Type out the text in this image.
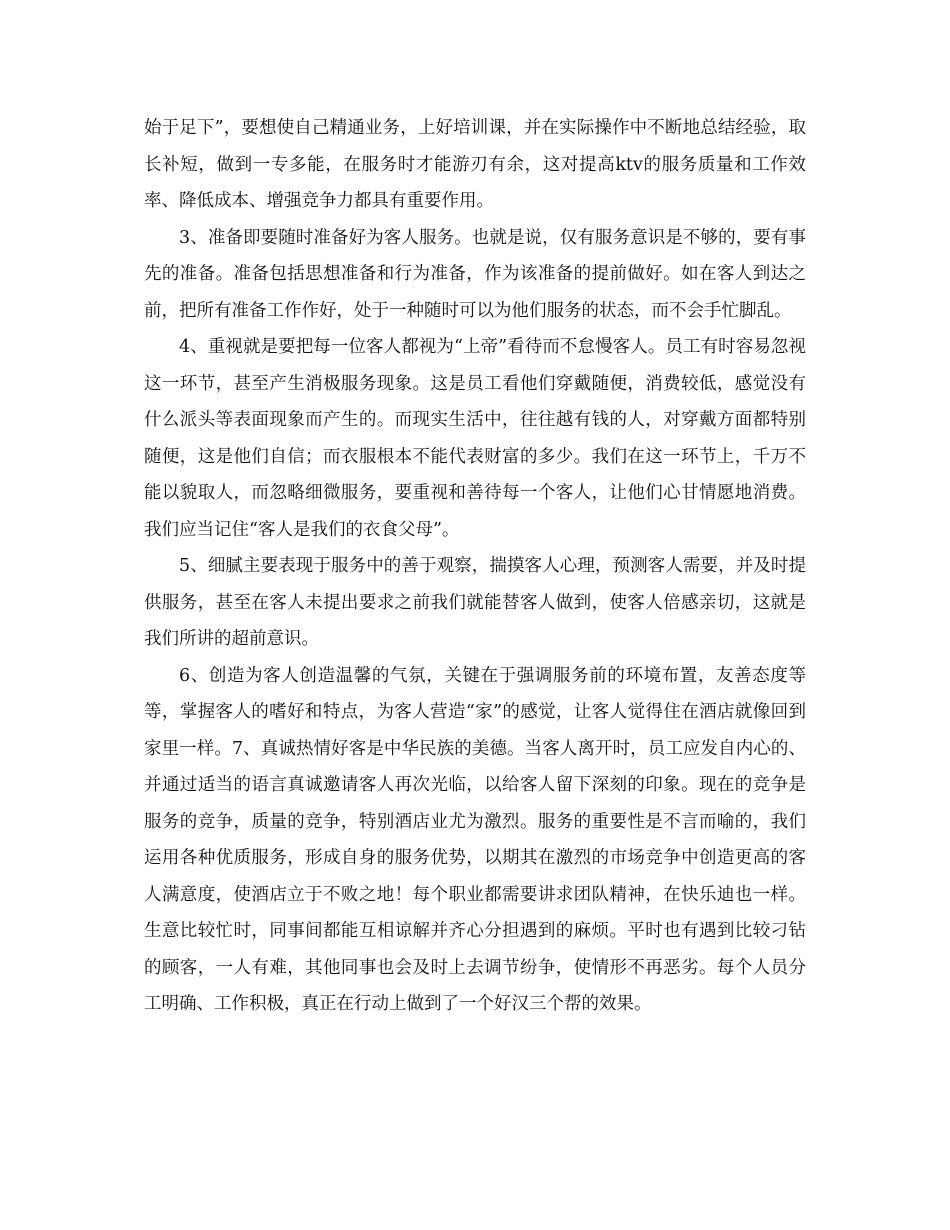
始于足下”，要想使自己精通业务，上好培训课，并在实际操作中不断地总结经验，取长补短，做到一专多能，在服务时才能游刃有余，这对提高ktv的服务质量和工作效率、降低成本、增强竞争力都具有重要作用。

3、准备即要随时准备好为客人服务。也就是说，仅有服务意识是不够的，要有事先的准备。准备包括思想准备和行为准备，作为该准备的提前做好。如在客人到达之前，把所有准备工作作好，处于一种随时可以为他们服务的状态，而不会手忙脚乱。

4、重视就是要把每一位客人都视为“上帝”看待而不怠慢客人。员工有时容易忽视这一环节，甚至产生消极服务现象。这是员工看他们穿戴随便，消费较低，感觉没有什么派头等表面现象而产生的。而现实生活中，往往越有钱的人，对穿戴方面都特别随便，这是他们自信；而衣服根本不能代表财富的多少。我们在这一环节上，千万不能以貌取人，而忽略细微服务，要重视和善待每一个客人，让他们心甘情愿地消费。我们应当记住“客人是我们的衣食父母”。

5、细腻主要表现于服务中的善于观察，揣摸客人心理，预测客人需要，并及时提供服务，甚至在客人未提出要求之前我们就能替客人做到，使客人倍感亲切，这就是我们所讲的超前意识。

6、创造为客人创造温馨的气氛，关键在于强调服务前的环境布置，友善态度等等，掌握客人的嗜好和特点，为客人营造“家”的感觉，让客人觉得住在酒店就像回到家里一样。7、真诚热情好客是中华民族的美德。当客人离开时，员工应发自内心的、并通过适当的语言真诚邀请客人再次光临，以给客人留下深刻的印象。现在的竞争是服务的竞争，质量的竞争，特别酒店业尤为激烈。服务的重要性是不言而喻的，我们运用各种优质服务，形成自身的服务优势，以期其在激烈的市场竞争中创造更高的客人满意度，使酒店立于不败之地！每个职业都需要讲求团队精神，在快乐迪也一样。生意比较忙时，同事间都能互相谅解并齐心分担遇到的麻烦。平时也有遇到比较刁钻的顾客，一人有难，其他同事也会及时上去调节纷争，使情形不再恶劣。每个人员分工明确、工作积极，真正在行动上做到了一个好汉三个帮的效果。
